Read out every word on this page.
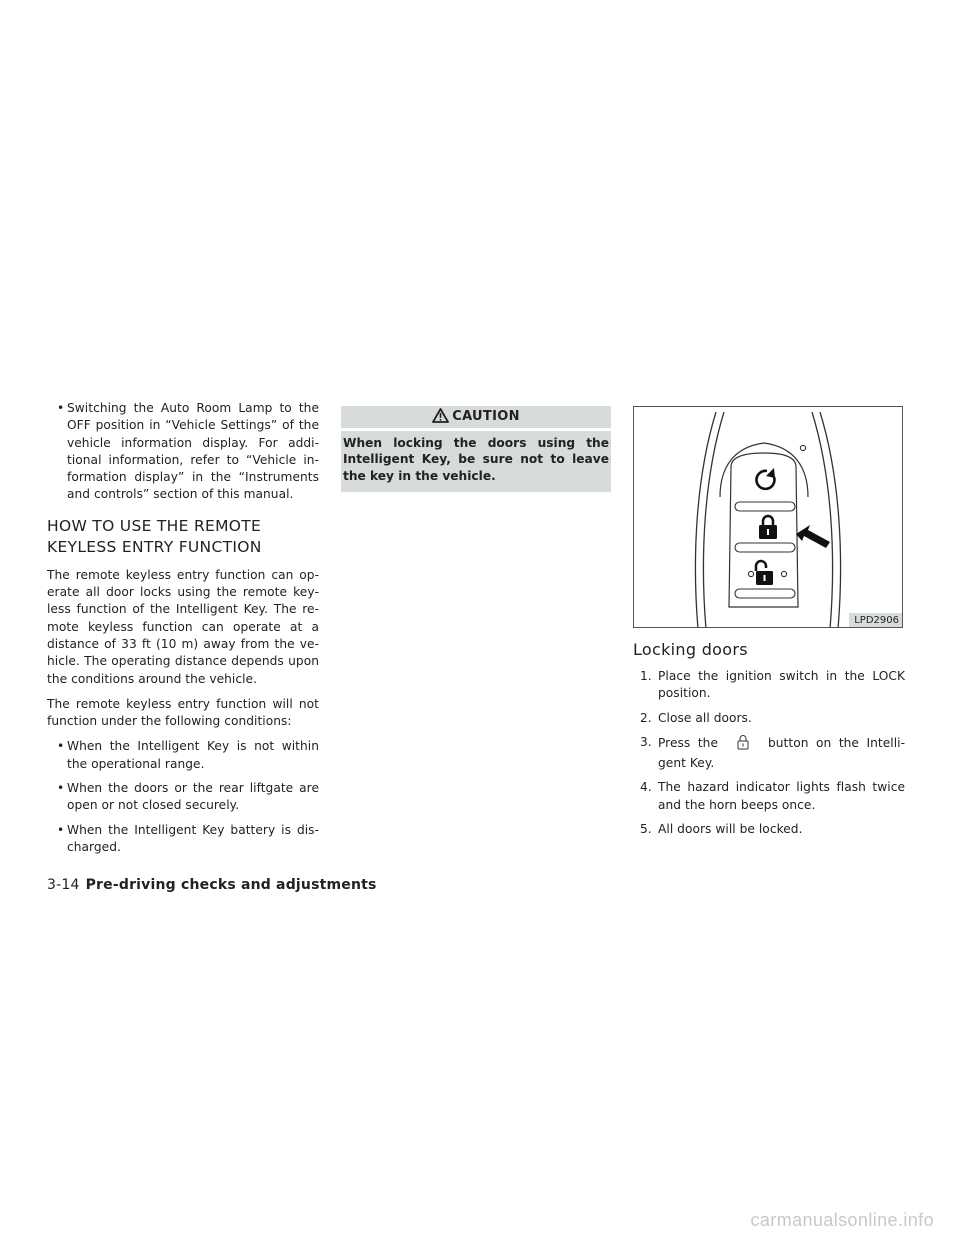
• Switching the Auto Room Lamp to the OFF position in “Vehicle Settings” of the vehicle information display. For additional information, refer to “Vehicle information display” in the “Instruments and controls” section of this manual.
HOW TO USE THE REMOTE
KEYLESS ENTRY FUNCTION

The remote keyless entry function can operate all door locks using the remote keyless function of the Intelligent Key. The remote keyless function can operate at a distance of 33 ft (10 m) away from the vehicle. The operating distance depends upon the conditions around the vehicle.

The remote keyless entry function will not function under the following conditions:

• When the Intelligent Key is not within the operational range.
• When the doors or the rear liftgate are open or not closed securely.
• When the Intelligent Key battery is discharged.
CAUTION
When locking the doors using the Intelligent Key, be sure not to leave the key in the vehicle.
LPD2906
Locking doors
1. Place the ignition switch in the LOCK position.
2. Close all doors.
3. Press the	button on the Intelligent Key.
4. The hazard indicator lights flash twice and the horn beeps once.
5. All doors will be locked.
3-14 Pre-driving checks and adjustments
carmanualsonline.info
